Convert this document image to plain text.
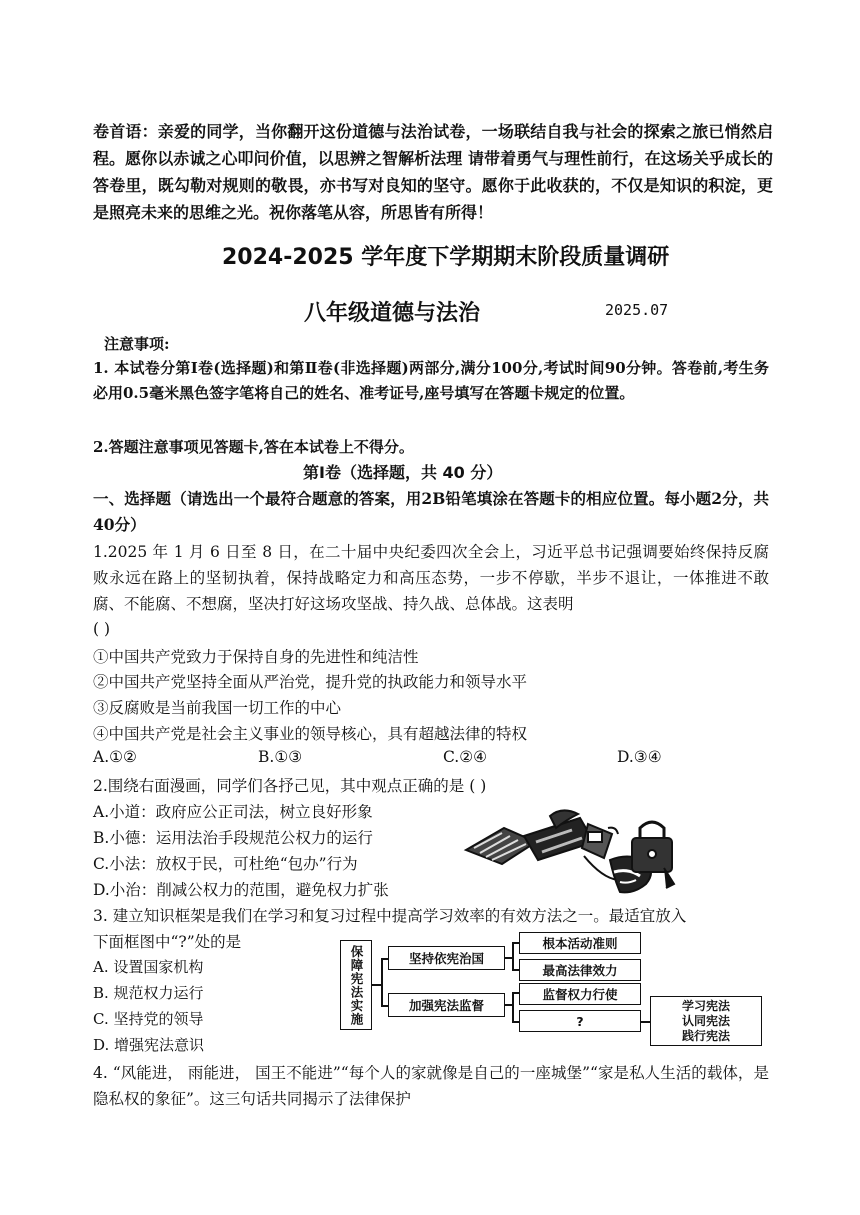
卷首语：亲爱的同学，当你翻开这份道德与法治试卷，一场联结自我与社会的探索之旅已悄然启程。愿你以赤诚之心叩问价值，以思辨之智解析法理 请带着勇气与理性前行，在这场关乎成长的答卷里，既勾勒对规则的敬畏，亦书写对良知的坚守。愿你于此收获的，不仅是知识的积淀，更是照亮未来的思维之光。祝你落笔从容，所思皆有所得！
2024-2025 学年度下学期期末阶段质量调研
八年级道德与法治	2025.07
注意事项:
1. 本试卷分第Ⅰ卷(选择题)和第Ⅱ卷(非选择题)两部分,满分100分,考试时间90分钟。答卷前,考生务必用0.5毫米黑色签字笔将自己的姓名、准考证号,座号填写在答题卡规定的位置。
2.答题注意事项见答题卡,答在本试卷上不得分。
第Ⅰ卷（选择题，共 40 分）
一、选择题（请选出一个最符合题意的答案，用2B铅笔填涂在答题卡的相应位置。每小题2分，共40分）
1.2025 年 1 月 6 日至 8 日，在二十届中央纪委四次全会上，习近平总书记强调要始终保持反腐败永远在路上的坚韧执着，保持战略定力和高压态势，一步不停歇，半步不退让，一体推进不敢腐、不能腐、不想腐，坚决打好这场攻坚战、持久战、总体战。这表明
( )
①中国共产党致力于保持自身的先进性和纯洁性
②中国共产党坚持全面从严治党，提升党的执政能力和领导水平
③反腐败是当前我国一切工作的中心
④中国共产党是社会主义事业的领导核心，具有超越法律的特权
A.①②	B.①③	C.②④	D.③④
2.围绕右面漫画，同学们各抒己见，其中观点正确的是 ( )
A.小道：政府应公正司法，树立良好形象
B.小德：运用法治手段规范公权力的运行
C.小法：放权于民，可杜绝“包办”行为
D.小治：削减公权力的范围，避免权力扩张
3. 建立知识框架是我们在学习和复习过程中提高学习效率的有效方法之一。最适宜放入
下面框图中“?”处的是
A. 设置国家机构
B. 规范权力运行
C. 坚持党的领导
D. 增强宪法意识
保障宪法实施	坚持依宪治国
加强宪法监督
根本活动准则
最高法律效力
监督权力行使
?
学习宪法
认同宪法
践行宪法
4. “风能进， 雨能进， 国王不能进”“每个人的家就像是自己的一座城堡”“家是私人生活的载体，是隐私权的象征”。这三句话共同揭示了法律保护
